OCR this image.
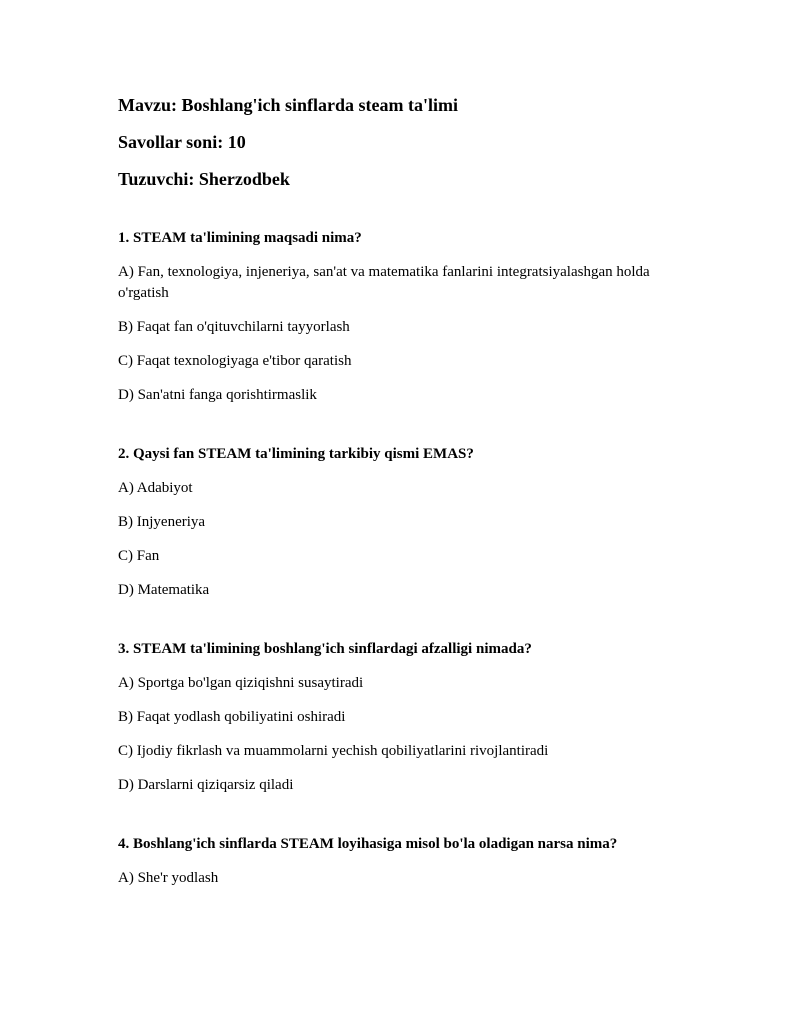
Mavzu: Boshlang'ich sinflarda steam ta'limi
Savollar soni: 10
Tuzuvchi: Sherzodbek
1. STEAM ta'limining maqsadi nima?
A) Fan, texnologiya, injeneriya, san'at va matematika fanlarini integratsiyalashgan holda o'rgatish
B) Faqat fan o'qituvchilarni tayyorlash
C) Faqat texnologiyaga e'tibor qaratish
D) San'atni fanga qorishtirmaslik
2. Qaysi fan STEAM ta'limining tarkibiy qismi EMAS?
A) Adabiyot
B) Injyeneriya
C) Fan
D) Matematika
3. STEAM ta'limining boshlang'ich sinflardagi afzalligi nimada?
A) Sportga bo'lgan qiziqishni susaytiradi
B) Faqat yodlash qobiliyatini oshiradi
C) Ijodiy fikrlash va muammolarni yechish qobiliyatlarini rivojlantiradi
D) Darslarni qiziqarsiz qiladi
4. Boshlang'ich sinflarda STEAM loyihasiga misol bo'la oladigan narsa nima?
A) She'r yodlash
